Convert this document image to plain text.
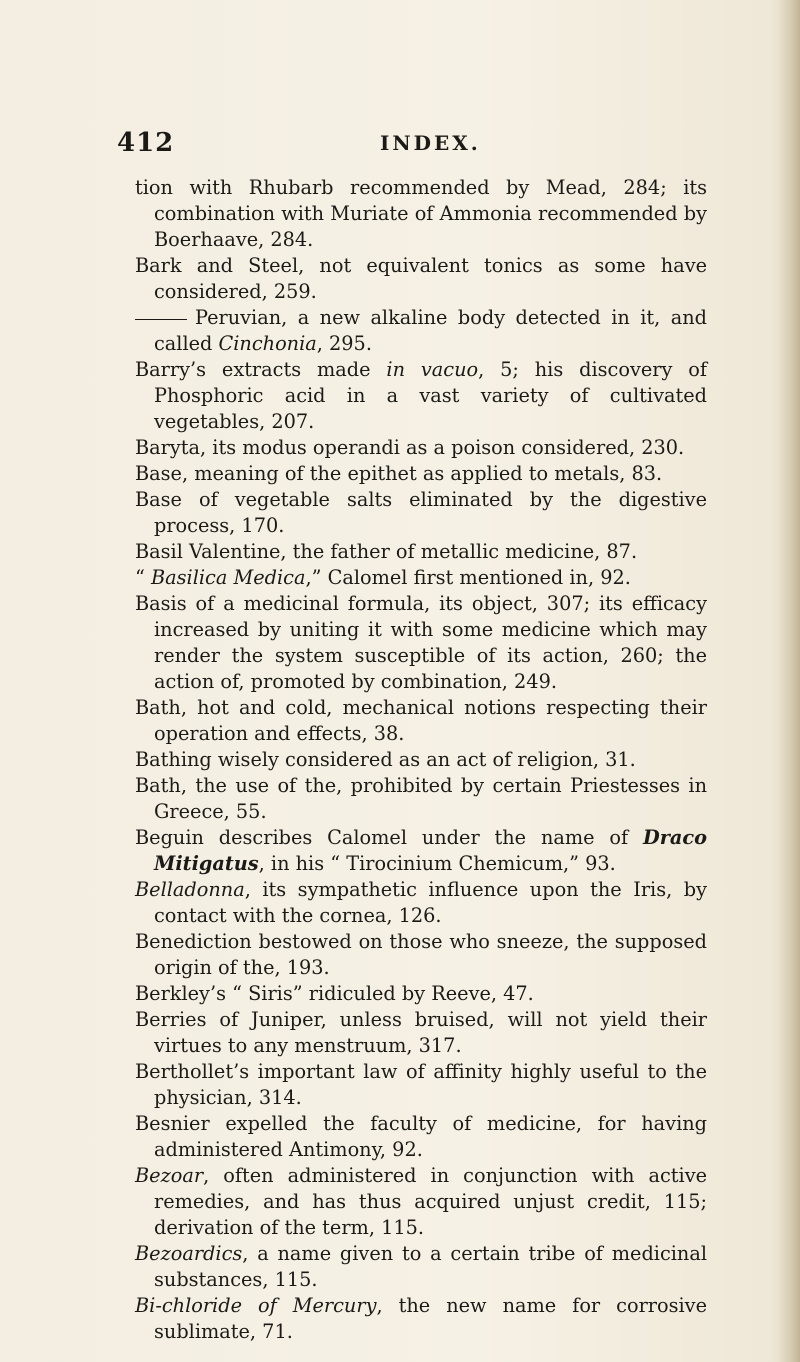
412	INDEX.

tion with Rhubarb recommended by Mead, 284; its combination with Muriate of Ammonia recommended by Boerhaave, 284.

Bark and Steel, not equivalent tonics as some have considered, 259.

Peruvian, a new alkaline body detected in it, and called Cinchonia, 295.

Barry’s extracts made in vacuo, 5; his discovery of Phosphoric acid in a vast variety of cultivated vegetables, 207.

Baryta, its modus operandi as a poison considered, 230.

Base, meaning of the epithet as applied to metals, 83.

Base of vegetable salts eliminated by the digestive process, 170.

Basil Valentine, the father of metallic medicine, 87.

“ Basilica Medica,” Calomel first mentioned in, 92.

Basis of a medicinal formula, its object, 307; its efficacy increased by uniting it with some medicine which may render the system susceptible of its action, 260; the action of, promoted by combination, 249.

Bath, hot and cold, mechanical notions respecting their operation and effects, 38.

Bathing wisely considered as an act of religion, 31.

Bath, the use of the, prohibited by certain Priestesses in Greece, 55.

Beguin describes Calomel under the name of Draco Mitigatus, in his “ Tirocinium Chemicum,” 93.

Belladonna, its sympathetic influence upon the Iris, by contact with the cornea, 126.

Benediction bestowed on those who sneeze, the supposed origin of the, 193.

Berkley’s “ Siris” ridiculed by Reeve, 47.

Berries of Juniper, unless bruised, will not yield their virtues to any menstruum, 317.

Berthollet’s important law of affinity highly useful to the physician, 314.

Besnier expelled the faculty of medicine, for having administered Antimony, 92.

Bezoar, often administered in conjunction with active remedies, and has thus acquired unjust credit, 115; derivation of the term, 115.

Bezoardics, a name given to a certain tribe of medicinal substances, 115.

Bi-chloride of Mercury, the new name for corrosive sublimate, 71.
